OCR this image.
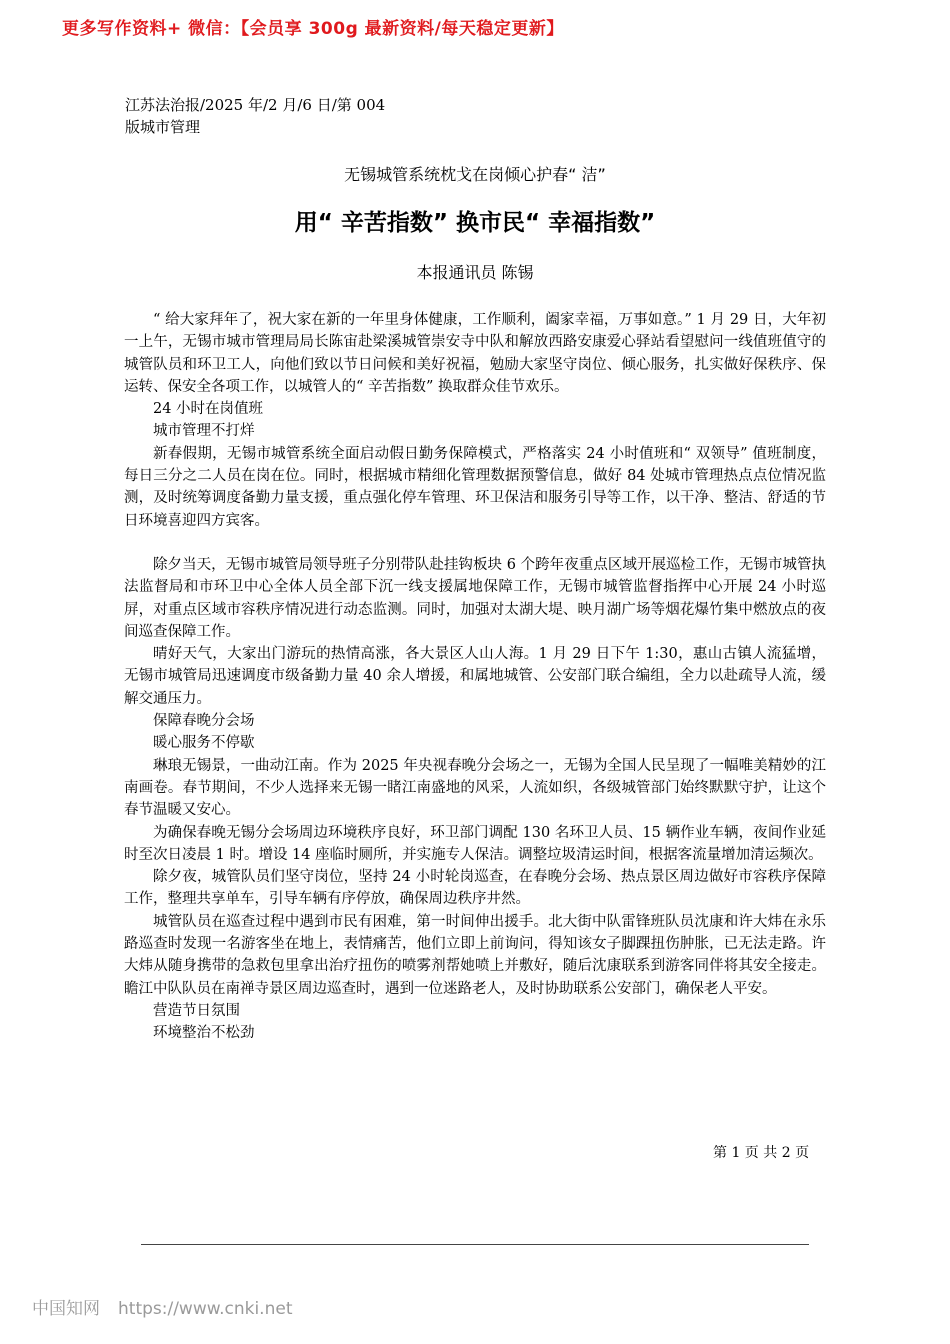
更多写作资料+ 微信：【会员享 300g 最新资料/每天稳定更新】
江苏法治报/2025 年/2 月/6 日/第 004
版城市管理
无锡城管系统枕戈在岗倾心护春“ 洁”
用“ 辛苦指数” 换市民“ 幸福指数”
本报通讯员 陈锡

“ 给大家拜年了，祝大家在新的一年里身体健康，工作顺利，阖家幸福，万事如意。” 1 月 29 日，大年初一上午，无锡市城市管理局局长陈宙赴梁溪城管崇安寺中队和解放西路安康爱心驿站看望慰问一线值班值守的城管队员和环卫工人，向他们致以节日问候和美好祝福，勉励大家坚守岗位、倾心服务，扎实做好保秩序、保运转、保安全各项工作，以城管人的“ 辛苦指数” 换取群众佳节欢乐。

24 小时在岗值班

城市管理不打烊

新春假期，无锡市城管系统全面启动假日勤务保障模式，严格落实 24 小时值班和“ 双领导” 值班制度，每日三分之二人员在岗在位。同时，根据城市精细化管理数据预警信息，做好 84 处城市管理热点点位情况监测，及时统筹调度备勤力量支援，重点强化停车管理、环卫保洁和服务引导等工作，以干净、整洁、舒适的节日环境喜迎四方宾客。

除夕当天，无锡市城管局领导班子分别带队赴挂钩板块 6 个跨年夜重点区域开展巡检工作，无锡市城管执法监督局和市环卫中心全体人员全部下沉一线支援属地保障工作，无锡市城管监督指挥中心开展 24 小时巡屏，对重点区域市容秩序情况进行动态监测。同时，加强对太湖大堤、映月湖广场等烟花爆竹集中燃放点的夜间巡查保障工作。

晴好天气，大家出门游玩的热情高涨，各大景区人山人海。1 月 29 日下午 1:30，惠山古镇人流猛增，无锡市城管局迅速调度市级备勤力量 40 余人增援，和属地城管、公安部门联合编组，全力以赴疏导人流，缓解交通压力。

保障春晚分会场

暖心服务不停歇

琳琅无锡景，一曲动江南。作为 2025 年央视春晚分会场之一，无锡为全国人民呈现了一幅唯美精妙的江南画卷。春节期间，不少人选择来无锡一睹江南盛地的风采，人流如织，各级城管部门始终默默守护，让这个春节温暖又安心。

为确保春晚无锡分会场周边环境秩序良好，环卫部门调配 130 名环卫人员、15 辆作业车辆，夜间作业延时至次日凌晨 1 时。增设 14 座临时厕所，并实施专人保洁。调整垃圾清运时间，根据客流量增加清运频次。

除夕夜，城管队员们坚守岗位，坚持 24 小时轮岗巡查，在春晚分会场、热点景区周边做好市容秩序保障工作，整理共享单车，引导车辆有序停放，确保周边秩序井然。

城管队员在巡查过程中遇到市民有困难，第一时间伸出援手。北大街中队雷锋班队员沈康和许大炜在永乐路巡查时发现一名游客坐在地上，表情痛苦，他们立即上前询问，得知该女子脚踝扭伤肿胀，已无法走路。许大炜从随身携带的急救包里拿出治疗扭伤的喷雾剂帮她喷上并敷好，随后沈康联系到游客同伴将其安全接走。瞻江中队队员在南禅寺景区周边巡查时，遇到一位迷路老人，及时协助联系公安部门，确保老人平安。

营造节日氛围

环境整治不松劲

第 1 页 共 2 页
中国知网 https://www.cnki.net
